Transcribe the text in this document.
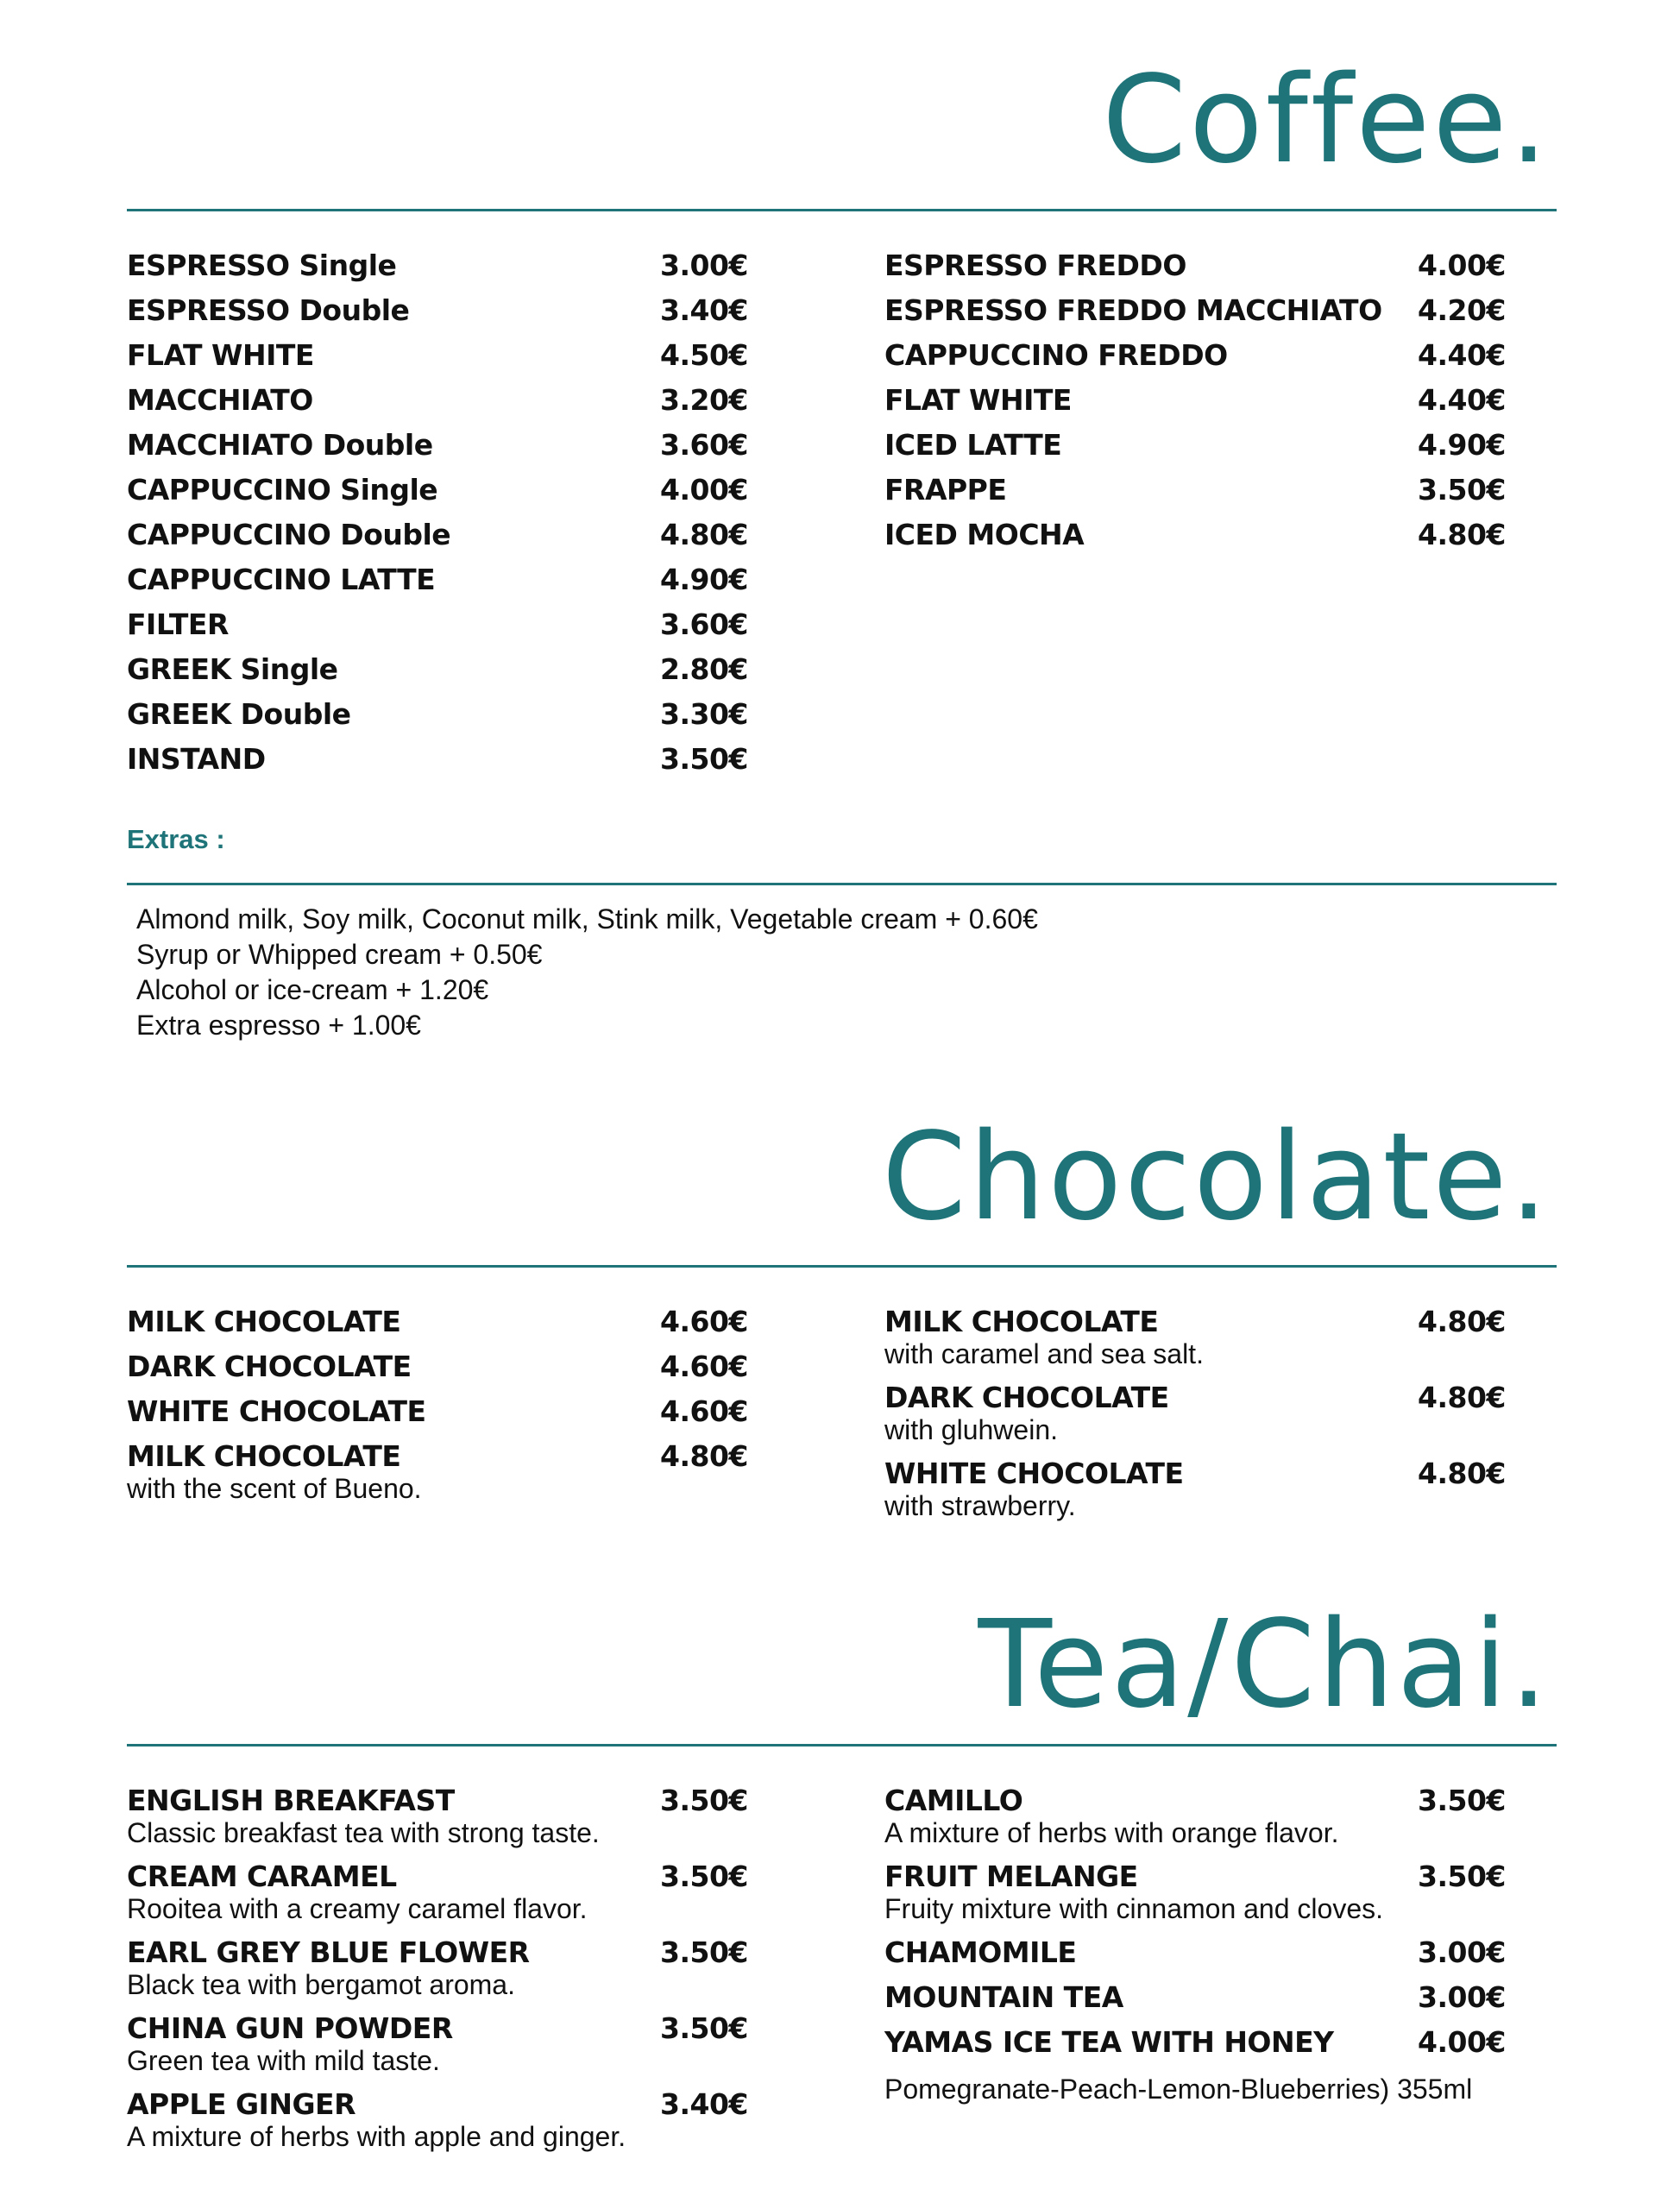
Coffee.
ESPRESSO Single	3.00€
ESPRESSO Double	3.40€
FLAT WHITE	4.50€
MACCHIATO	3.20€
MACCHIATO Double	3.60€
CAPPUCCINO Single	4.00€
CAPPUCCINO Double	4.80€
CAPPUCCINO LATTE	4.90€
FILTER	3.60€
GREEK Single	2.80€
GREEK Double	3.30€
INSTAND	3.50€
ESPRESSO FREDDO	4.00€
ESPRESSO FREDDO MACCHIATO	4.20€
CAPPUCCINO FREDDO	4.40€
FLAT WHITE	4.40€
ICED LATTE	4.90€
FRAPPE	3.50€
ICED MOCHA	4.80€
Extras :
Almond milk, Soy milk, Coconut milk, Stink milk, Vegetable cream + 0.60€
Syrup or Whipped cream + 0.50€
Alcohol or ice-cream + 1.20€
Extra espresso + 1.00€
Chocolate.
MILK CHOCOLATE	4.60€
DARK CHOCOLATE	4.60€
WHITE CHOCOLATE	4.60€
MILK CHOCOLATE	4.80€
with the scent of Bueno.
MILK CHOCOLATE	4.80€
with caramel and sea salt.
DARK CHOCOLATE	4.80€
with gluhwein.
WHITE CHOCOLATE	4.80€
with strawberry.
Tea/Chai.
ENGLISH BREAKFAST	3.50€
Classic breakfast tea with strong taste.
CREAM CARAMEL	3.50€
Rooitea with a creamy caramel flavor.
EARL GREY BLUE FLOWER	3.50€
Black tea with bergamot aroma.
CHINA GUN POWDER	3.50€
Green tea with mild taste.
APPLE GINGER	3.40€
A mixture of herbs with apple and ginger.
CAMILLO	3.50€
A mixture of herbs with orange flavor.
FRUIT MELANGE	3.50€
Fruity mixture with cinnamon and cloves.
CHAMOMILE	3.00€
MOUNTAIN TEA	3.00€
YAMAS ICE TEA WITH HONEY	4.00€
Pomegranate-Peach-Lemon-Blueberries) 355ml
